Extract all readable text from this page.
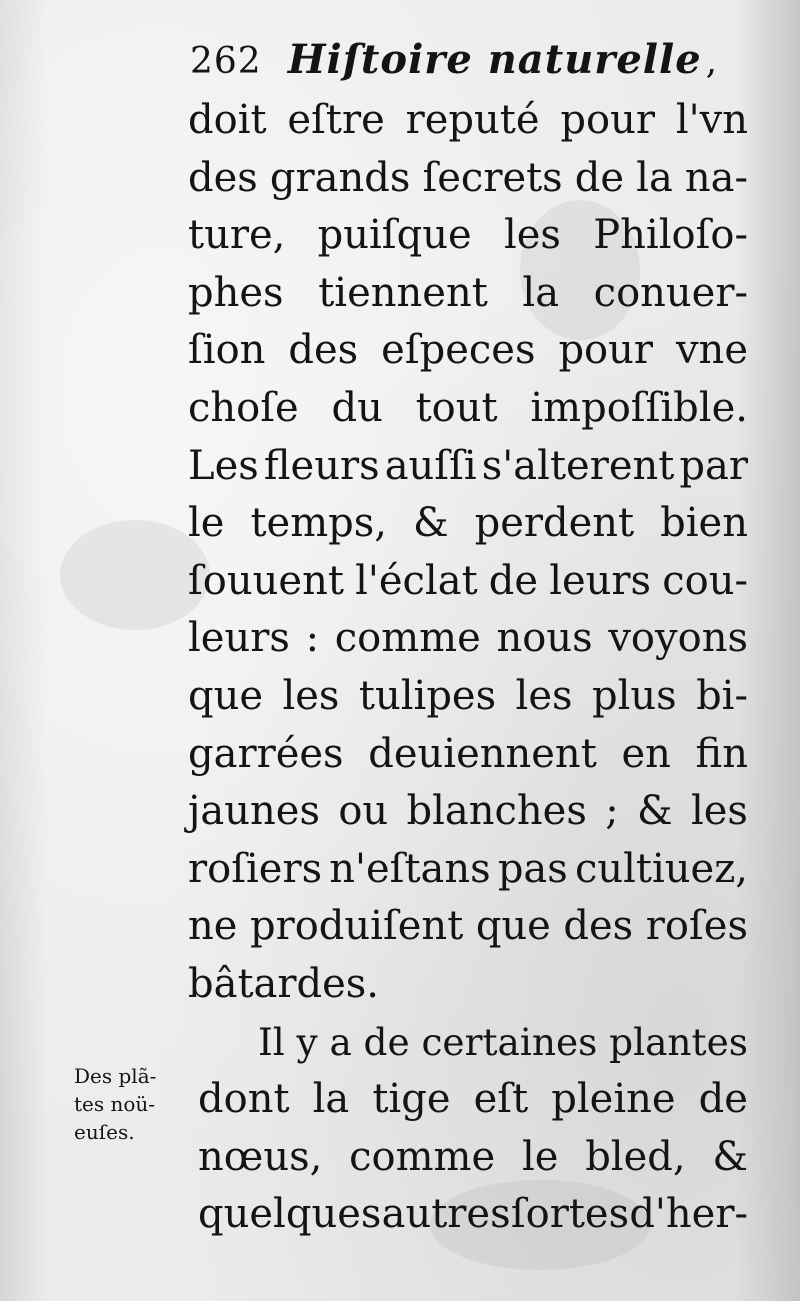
262 Hiſtoire naturelle ,
doit eſtre reputé pour l'vn
des grands ſecrets de la na-
ture, puiſque les Philoſo-
phes tiennent la conuer-
ſion des eſpeces pour vne
choſe du tout impoſſible.
Les fleurs auſſi s'alterent par
le temps, & perdent bien
ſouuent l'éclat de leurs cou-
leurs : comme nous voyons
que les tulipes les plus bi-
garrées deuiennent en fin
jaunes ou blanches ; & les
roſiers n'eſtans pas cultiuez,
ne produiſent que des roſes
bâtardes.
Il y a de certaines plantes
dont la tige eſt pleine de
nœus, comme le bled, &
quelques autres ſortes d'her-
Des plã-
tes noü-
euſes.
